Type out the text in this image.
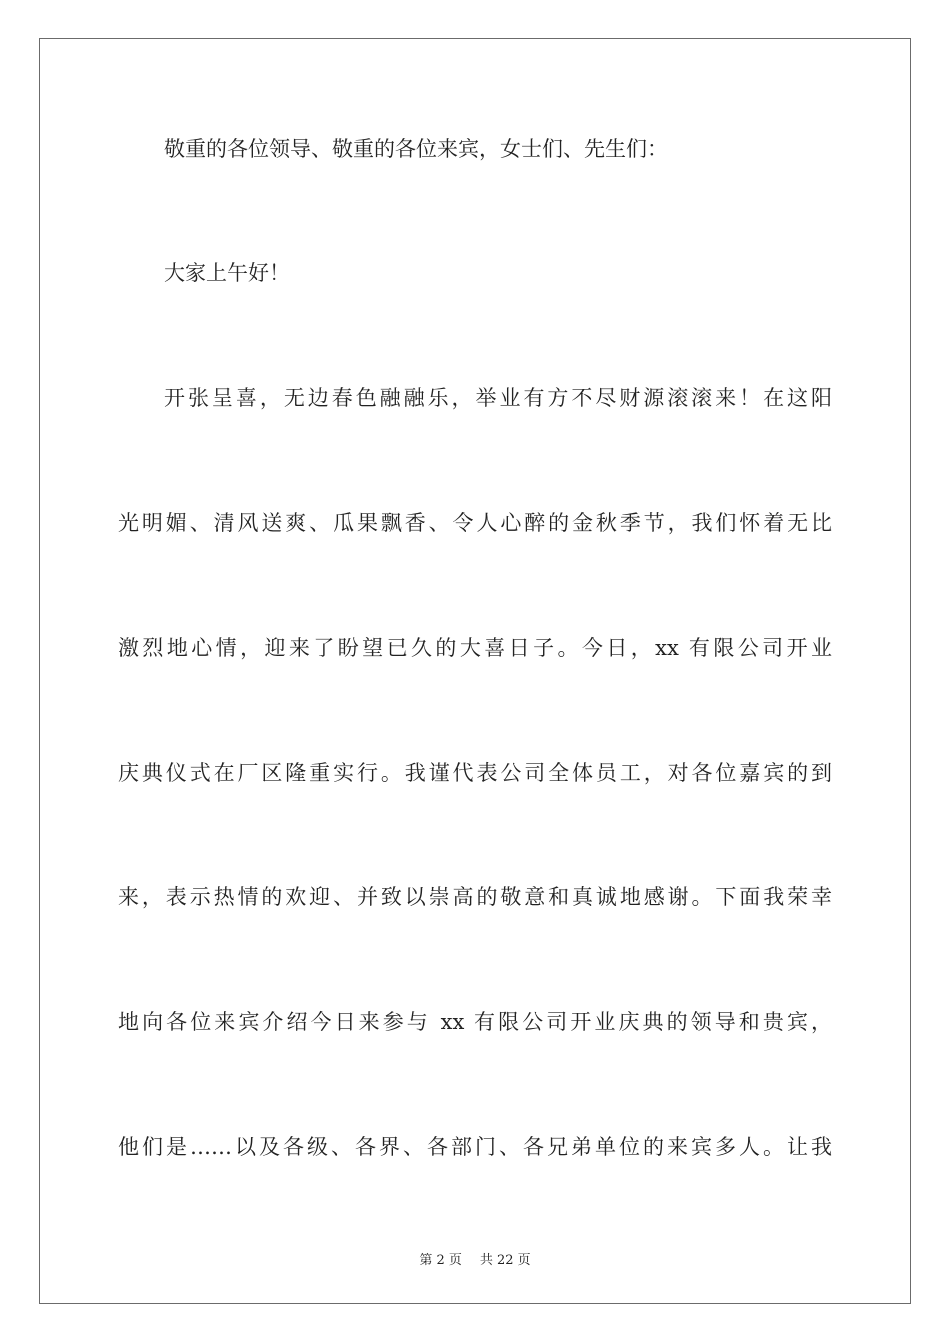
敬重的各位领导、敬重的各位来宾，女士们、先生们：
大家上午好！
开张呈喜，无边春色融融乐，举业有方不尽财源滚滚来！在这阳
光明媚、清风送爽、瓜果飘香、令人心醉的金秋季节，我们怀着无比
激烈地心情，迎来了盼望已久的大喜日子。今日，xx 有限公司开业
庆典仪式在厂区隆重实行。我谨代表公司全体员工，对各位嘉宾的到
来，表示热情的欢迎、并致以崇高的敬意和真诚地感谢。下面我荣幸
地向各位来宾介绍今日来参与 xx 有限公司开业庆典的领导和贵宾，
他们是……以及各级、各界、各部门、各兄弟单位的来宾多人。让我
第 2 页 共 22 页
